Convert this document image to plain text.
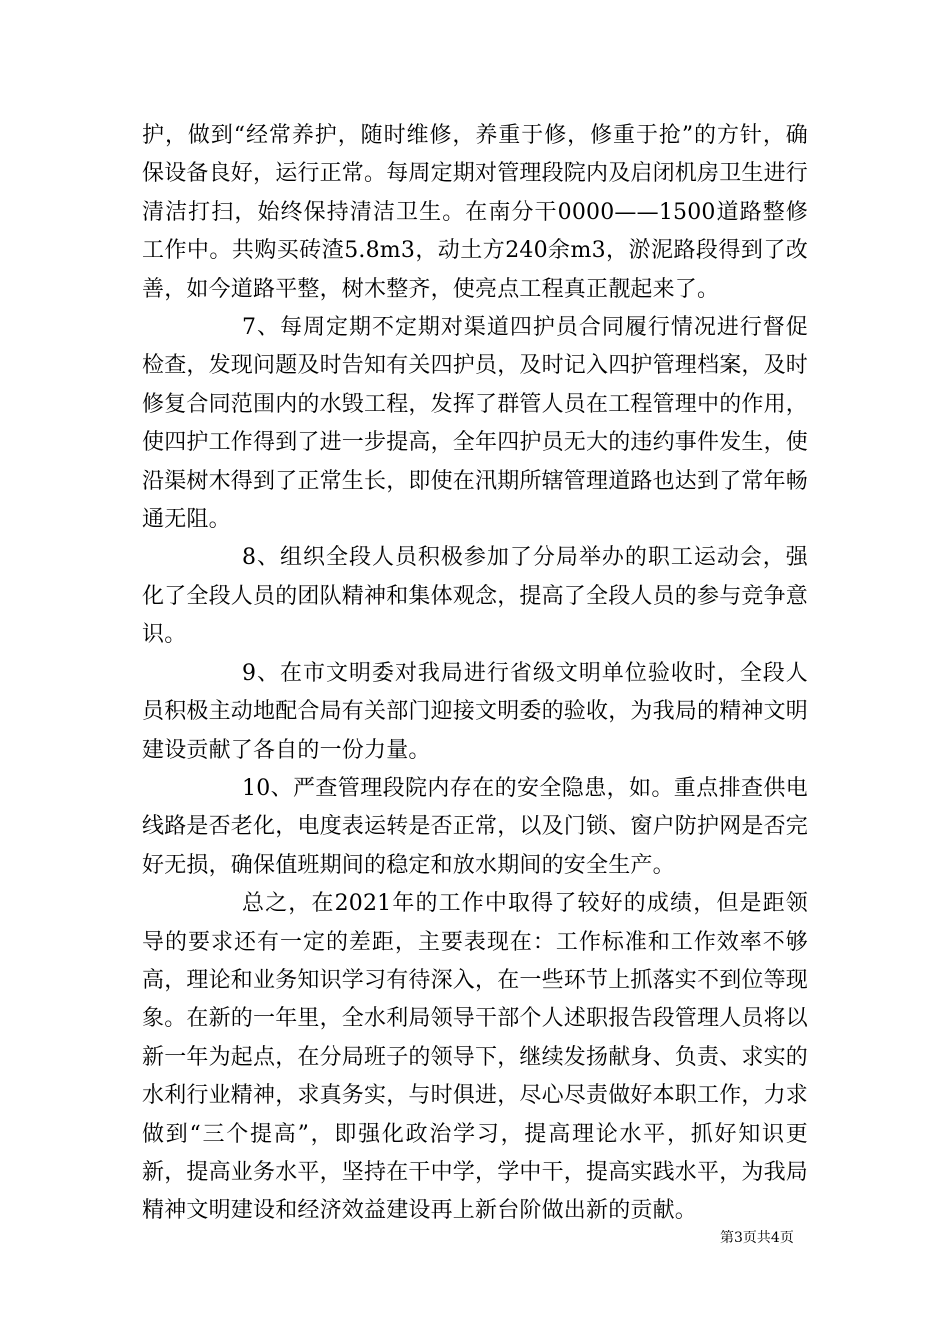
护，做到“经常养护，随时维修，养重于修，修重于抢”的方针，确保设备良好，运行正常。每周定期对管理段院内及启闭机房卫生进行清洁打扫，始终保持清洁卫生。在南分干0000——1500道路整修工作中。共购买砖渣5.8m3，动土方240余m3，淤泥路段得到了改善，如今道路平整，树木整齐，使亮点工程真正靓起来了。

7、每周定期不定期对渠道四护员合同履行情况进行督促检查，发现问题及时告知有关四护员，及时记入四护管理档案，及时修复合同范围内的水毁工程，发挥了群管人员在工程管理中的作用，使四护工作得到了进一步提高，全年四护员无大的违约事件发生，使沿渠树木得到了正常生长，即使在汛期所辖管理道路也达到了常年畅通无阻。

8、组织全段人员积极参加了分局举办的职工运动会，强化了全段人员的团队精神和集体观念，提高了全段人员的参与竞争意识。

9、在市文明委对我局进行省级文明单位验收时，全段人员积极主动地配合局有关部门迎接文明委的验收，为我局的精神文明建设贡献了各自的一份力量。

10、严查管理段院内存在的安全隐患，如。重点排查供电线路是否老化，电度表运转是否正常，以及门锁、窗户防护网是否完好无损，确保值班期间的稳定和放水期间的安全生产。

总之，在2021年的工作中取得了较好的成绩，但是距领导的要求还有一定的差距，主要表现在：工作标准和工作效率不够高，理论和业务知识学习有待深入，在一些环节上抓落实不到位等现象。在新的一年里，全水利局领导干部个人述职报告段管理人员将以新一年为起点，在分局班子的领导下，继续发扬献身、负责、求实的水利行业精神，求真务实，与时俱进，尽心尽责做好本职工作，力求做到“三个提高”，即强化政治学习，提高理论水平，抓好知识更新，提高业务水平，坚持在干中学，学中干，提高实践水平，为我局精神文明建设和经济效益建设再上新台阶做出新的贡献。

第3页共4页
